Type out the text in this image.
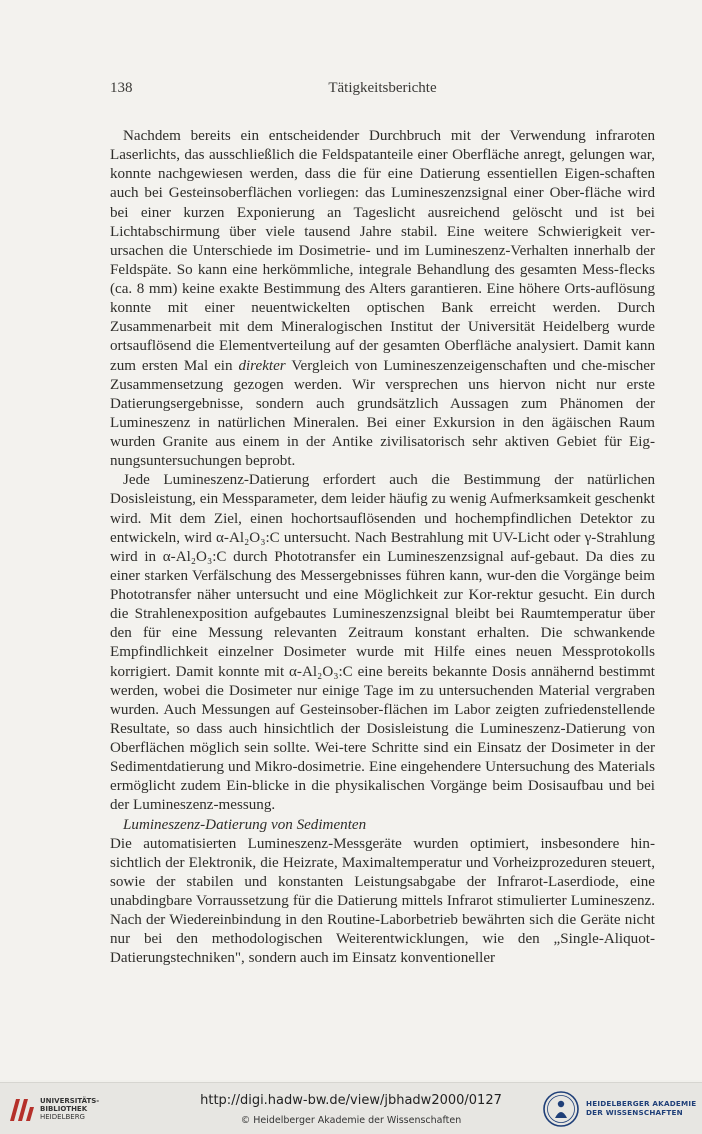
138	Tätigkeitsberichte

Nachdem bereits ein entscheidender Durchbruch mit der Verwendung infraroten Laserlichts, das ausschließlich die Feldspatanteile einer Oberfläche anregt, gelungen war, konnte nachgewiesen werden, dass die für eine Datierung essentiellen Eigen-schaften auch bei Gesteinsoberflächen vorliegen: das Lumineszenzsignal einer Ober-fläche wird bei einer kurzen Exponierung an Tageslicht ausreichend gelöscht und ist bei Lichtabschirmung über viele tausend Jahre stabil. Eine weitere Schwierigkeit ver-ursachen die Unterschiede im Dosimetrie- und im Lumineszenz-Verhalten innerhalb der Feldspäte. So kann eine herkömmliche, integrale Behandlung des gesamten Mess-flecks (ca. 8 mm) keine exakte Bestimmung des Alters garantieren. Eine höhere Orts-auflösung konnte mit einer neuentwickelten optischen Bank erreicht werden. Durch Zusammenarbeit mit dem Mineralogischen Institut der Universität Heidelberg wurde ortsauflösend die Elementverteilung auf der gesamten Oberfläche analysiert. Damit kann zum ersten Mal ein direkter Vergleich von Lumineszenzeigenschaften und che-mischer Zusammensetzung gezogen werden. Wir versprechen uns hiervon nicht nur erste Datierungsergebnisse, sondern auch grundsätzlich Aussagen zum Phänomen der Lumineszenz in natürlichen Mineralen. Bei einer Exkursion in den ägäischen Raum wurden Granite aus einem in der Antike zivilisatorisch sehr aktiven Gebiet für Eig-nungsuntersuchungen beprobt.

Jede Lumineszenz-Datierung erfordert auch die Bestimmung der natürlichen Dosisleistung, ein Messparameter, dem leider häufig zu wenig Aufmerksamkeit geschenkt wird. Mit dem Ziel, einen hochortsauflösenden und hochempfindlichen Detektor zu entwickeln, wird α-Al₂O₃:C untersucht. Nach Bestrahlung mit UV-Licht oder γ-Strahlung wird in α-Al₂O₃:C durch Phototransfer ein Lumineszenzsignal auf-gebaut. Da dies zu einer starken Verfälschung des Messergebnisses führen kann, wur-den die Vorgänge beim Phototransfer näher untersucht und eine Möglichkeit zur Kor-rektur gesucht. Ein durch die Strahlenexposition aufgebautes Lumineszenzsignal bleibt bei Raumtemperatur über den für eine Messung relevanten Zeitraum konstant erhalten. Die schwankende Empfindlichkeit einzelner Dosimeter wurde mit Hilfe eines neuen Messprotokolls korrigiert. Damit konnte mit α-Al₂O₃:C eine bereits bekannte Dosis annähernd bestimmt werden, wobei die Dosimeter nur einige Tage im zu untersuchenden Material vergraben wurden. Auch Messungen auf Gesteinsober-flächen im Labor zeigten zufriedenstellende Resultate, so dass auch hinsichtlich der Dosisleistung die Lumineszenz-Datierung von Oberflächen möglich sein sollte. Wei-tere Schritte sind ein Einsatz der Dosimeter in der Sedimentdatierung und Mikro-dosimetrie. Eine eingehendere Untersuchung des Materials ermöglicht zudem Ein-blicke in die physikalischen Vorgänge beim Dosisaufbau und bei der Lumineszenz-messung.

Lumineszenz-Datierung von Sedimenten

Die automatisierten Lumineszenz-Messgeräte wurden optimiert, insbesondere hin-sichtlich der Elektronik, die Heizrate, Maximaltemperatur und Vorheizprozeduren steuert, sowie der stabilen und konstanten Leistungsabgabe der Infrarot-Laserdiode, eine unabdingbare Vorraussetzung für die Datierung mittels Infrarot stimulierter Lumineszenz. Nach der Wiedereinbindung in den Routine-Laborbetrieb bewährten sich die Geräte nicht nur bei den methodologischen Weiterentwicklungen, wie den „Single-Aliquot-Datierungstechniken", sondern auch im Einsatz konventioneller

UNIVERSITÄTS-
BIBLIOTHEK
HEIDELBERG
http://digi.hadw-bw.de/view/jbhadw2000/0127
© Heidelberger Akademie der Wissenschaften
HEIDELBERGER AKADEMIE
DER WISSENSCHAFTEN
